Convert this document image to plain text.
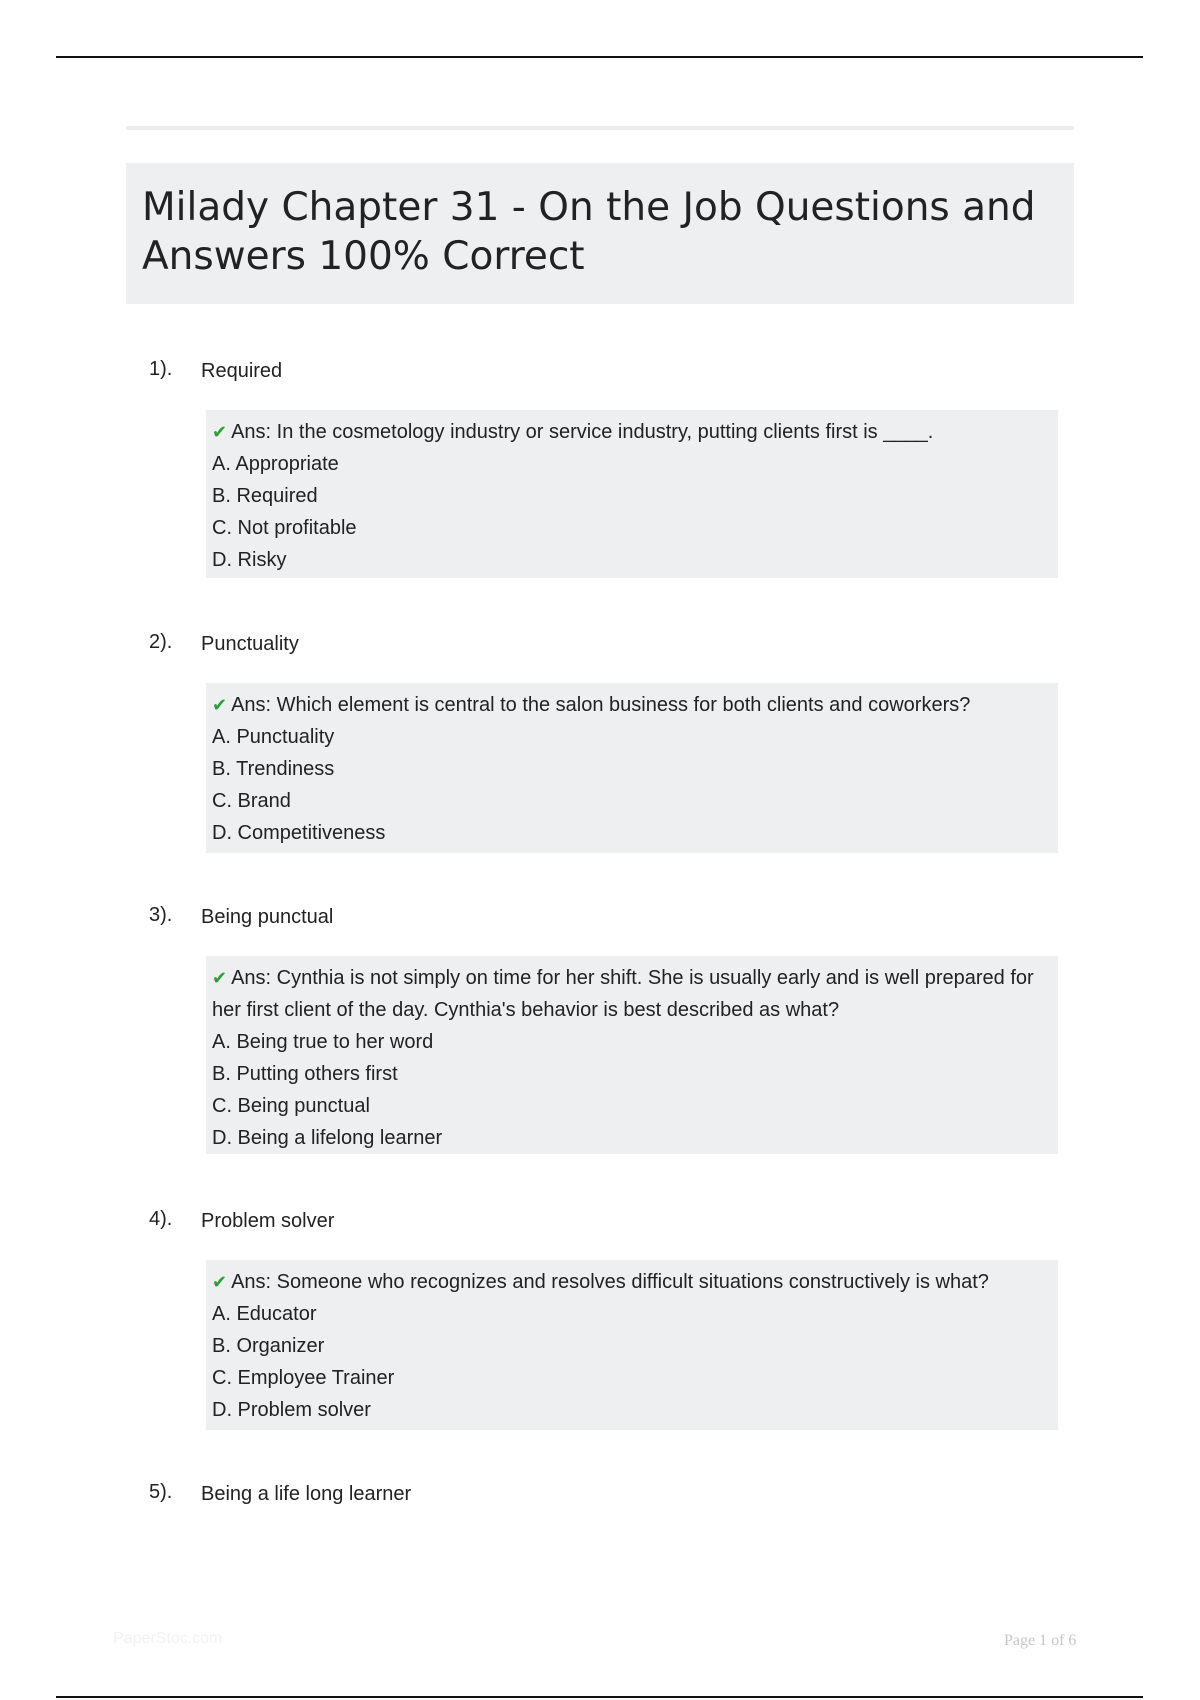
Milady Chapter 31 - On the Job Questions and Answers 100% Correct
1). Required

✔ Ans: In the cosmetology industry or service industry, putting clients first is ____.

A. Appropriate

B. Required

C. Not profitable

D. Risky

2). Punctuality

✔ Ans: Which element is central to the salon business for both clients and coworkers?

A. Punctuality

B. Trendiness

C. Brand

D. Competitiveness

3). Being punctual

✔ Ans: Cynthia is not simply on time for her shift. She is usually early and is well prepared for her first client of the day. Cynthia's behavior is best described as what?

A. Being true to her word

B. Putting others first

C. Being punctual

D. Being a lifelong learner

4). Problem solver

✔ Ans: Someone who recognizes and resolves difficult situations constructively is what?

A. Educator

B. Organizer

C. Employee Trainer

D. Problem solver

5). Being a life long learner
PaperStoc.com	Page 1 of 6
